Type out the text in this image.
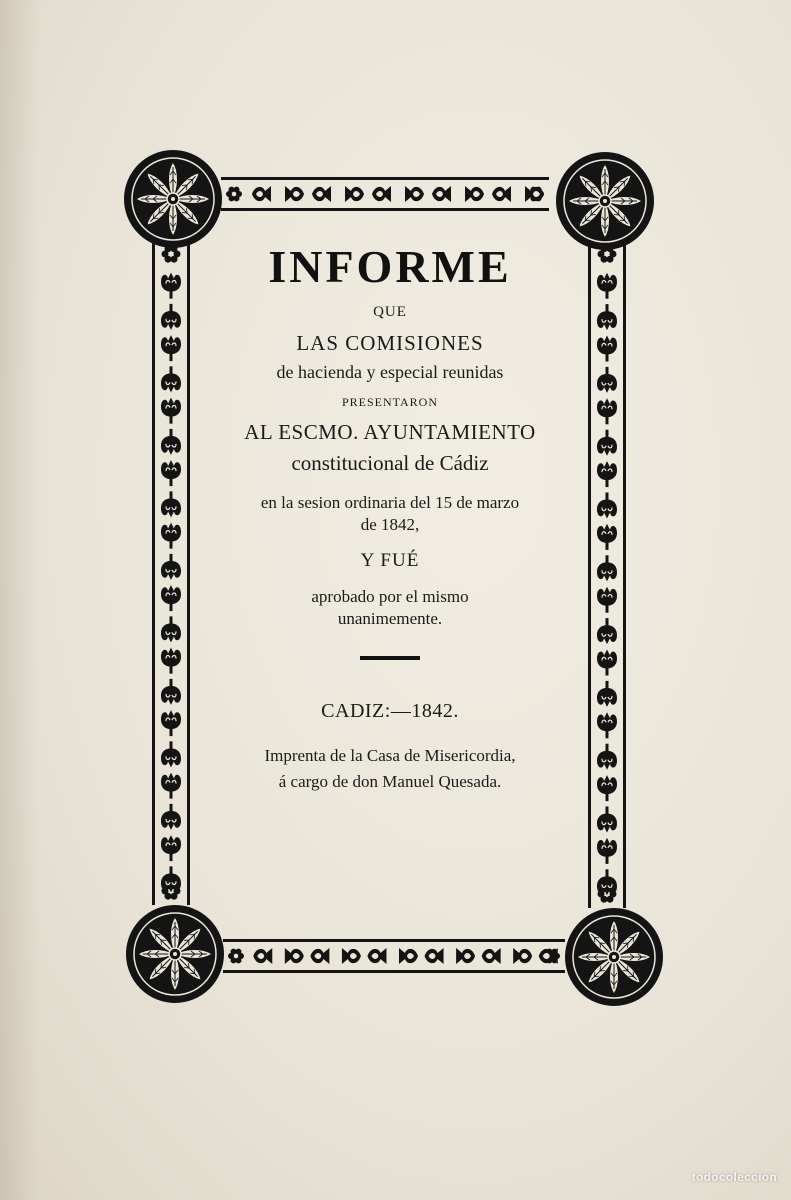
INFORME
QUE
LAS COMISIONES
de hacienda y especial reunidas
PRESENTARON
AL ESCMO. AYUNTAMIENTO
constitucional de Cádiz
en la sesion ordinaria del 15 de marzo
de 1842,
Y FUÉ
aprobado por el mismo
unanimemente.
CADIZ:—1842.
Imprenta de la Casa de Misericordia,
á cargo de don Manuel Quesada.
todocoleccion
